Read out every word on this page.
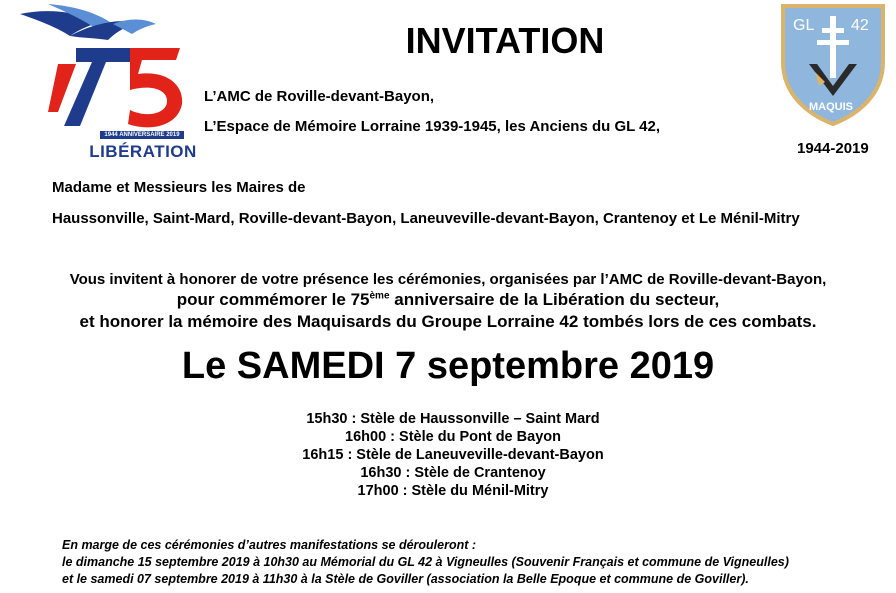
1944 ANNIVERSAIRE 2019
LIBÉRATION
GL 42
MAQUIS
INVITATION
L’AMC de Roville-devant-Bayon,
L’Espace de Mémoire Lorraine 1939-1945, les Anciens du GL 42,
1944-2019
Madame et Messieurs les Maires de
Haussonville, Saint-Mard, Roville-devant-Bayon, Laneuveville-devant-Bayon, Crantenoy et Le Ménil-Mitry
Vous invitent à honorer de votre présence les cérémonies, organisées par l’AMC de Roville-devant-Bayon,
pour commémorer le 75ème anniversaire de la Libération du secteur,
et honorer la mémoire des Maquisards du Groupe Lorraine 42 tombés lors de ces combats.
Le SAMEDI 7 septembre 2019
15h30 : Stèle de Haussonville – Saint Mard
16h00 : Stèle du Pont de Bayon
16h15 : Stèle de Laneuveville-devant-Bayon
16h30 : Stèle de Crantenoy
17h00 : Stèle du Ménil-Mitry
En marge de ces cérémonies d’autres manifestations se dérouleront :
le dimanche 15 septembre 2019 à 10h30 au Mémorial du GL 42 à Vigneulles (Souvenir Français et commune de Vigneulles)
et le samedi 07 septembre 2019 à 11h30 à la Stèle de Goviller (association la Belle Epoque et commune de Goviller).
